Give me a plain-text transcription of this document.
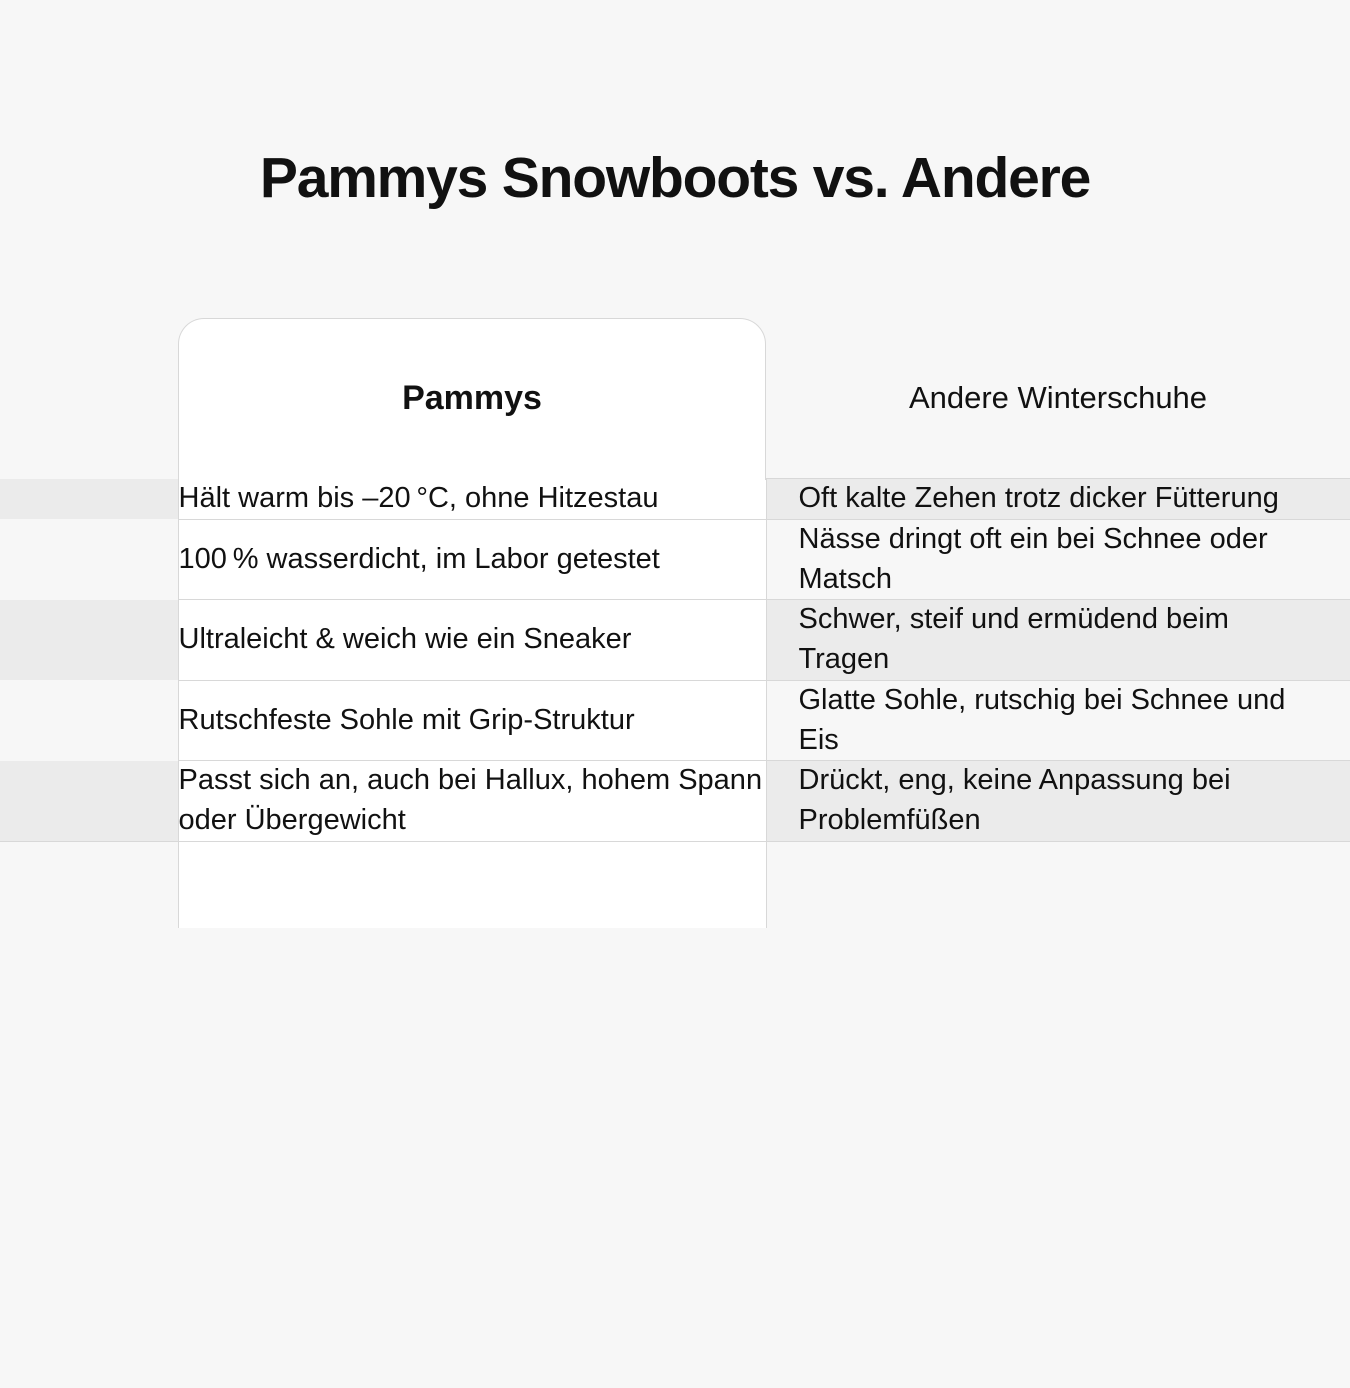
Pammys Snowboots vs. Andere
	Pammys	Andere Winterschuhe
	Hält warm bis –20 °C, ohne Hitzestau	Oft kalte Zehen trotz dicker Fütterung
	100 % wasserdicht, im Labor getestet	Nässe dringt oft ein bei Schnee oder Matsch
	Ultraleicht & weich wie ein Sneaker	Schwer, steif und ermüdend beim Tragen
	Rutschfeste Sohle mit Grip-Struktur	Glatte Sohle, rutschig bei Schnee und Eis
	Passt sich an, auch bei Hallux, hohem Spann oder Übergewicht	Drückt, eng, keine Anpassung bei Problemfüßen
